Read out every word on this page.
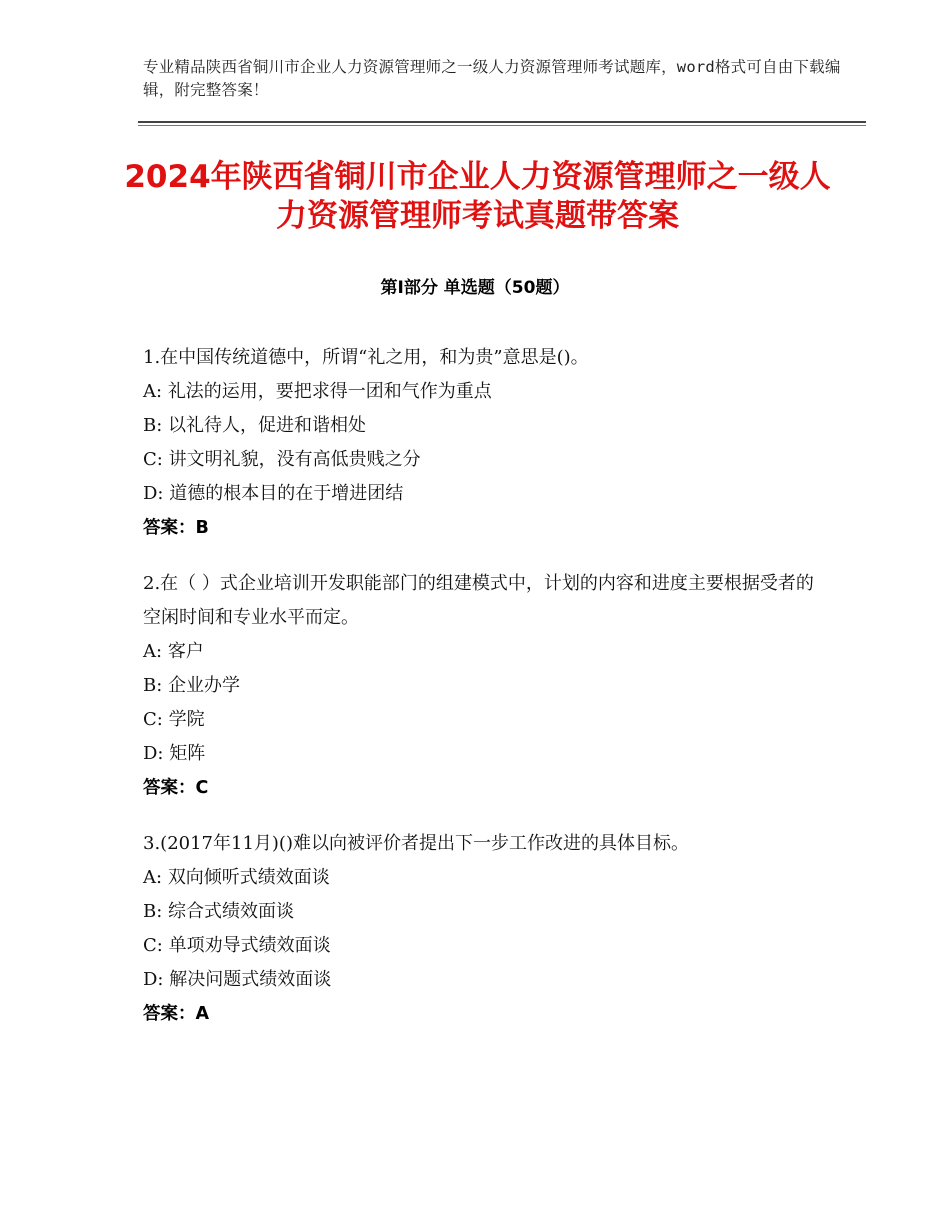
专业精品陕西省铜川市企业人力资源管理师之一级人力资源管理师考试题库，word格式可自由下载编辑，附完整答案！
2024年陕西省铜川市企业人力资源管理师之一级人力资源管理师考试真题带答案
第Ⅰ部分 单选题（50题）

1.在中国传统道德中，所谓“礼之用，和为贵”意思是()。

A: 礼法的运用，要把求得一团和气作为重点

B: 以礼待人，促进和谐相处

C: 讲文明礼貌，没有高低贵贱之分

D: 道德的根本目的在于增进团结

答案：B

2.在（ ）式企业培训开发职能部门的组建模式中，计划的内容和进度主要根据受者的空闲时间和专业水平而定。

A: 客户

B: 企业办学

C: 学院

D: 矩阵

答案：C

3.(2017年11月)()难以向被评价者提出下一步工作改进的具体目标。

A: 双向倾听式绩效面谈

B: 综合式绩效面谈

C: 单项劝导式绩效面谈

D: 解决问题式绩效面谈

答案：A
